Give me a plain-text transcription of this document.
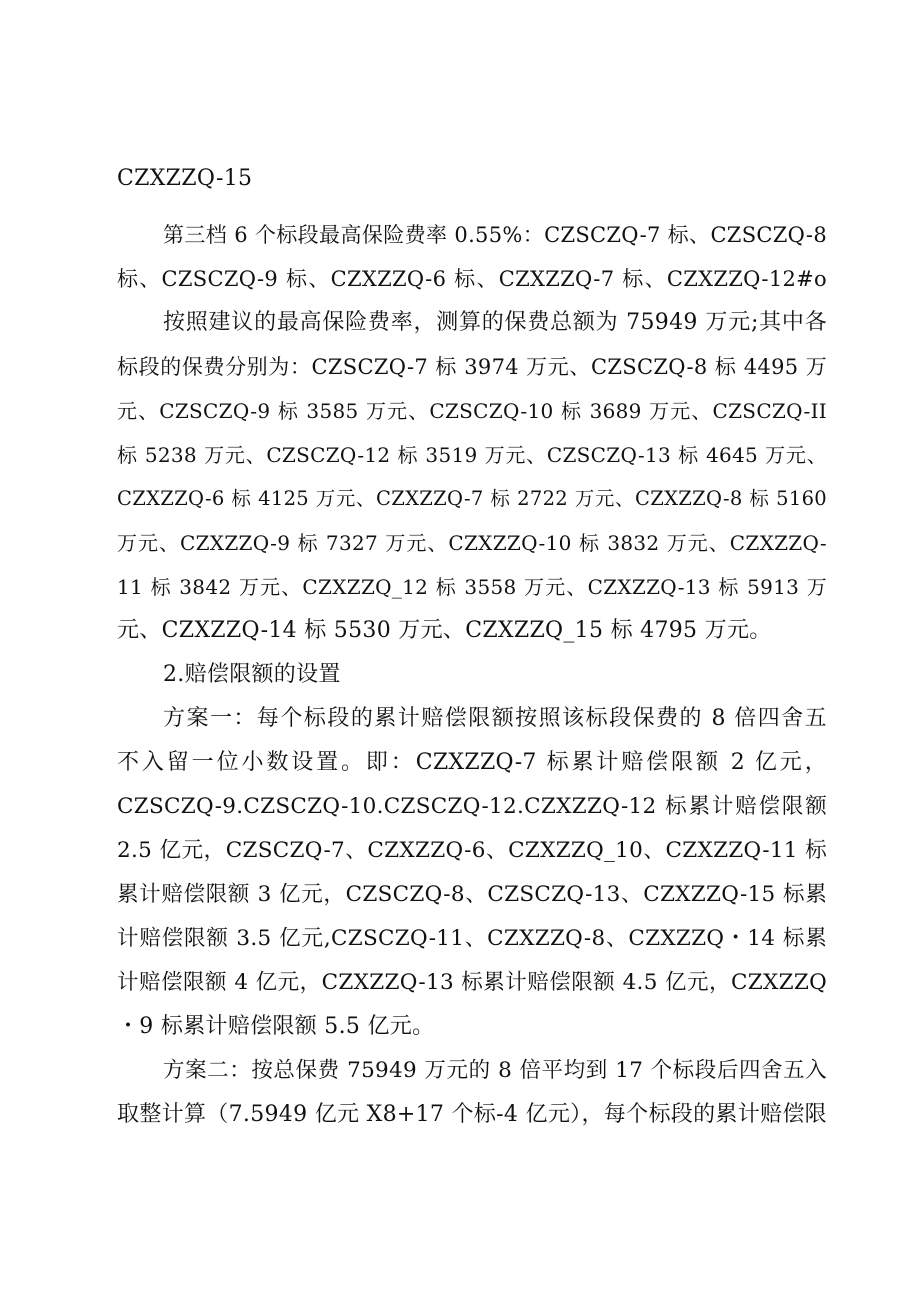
CZXZZQ-15
第三档 6 个标段最高保险费率 0.55%：CZSCZQ-7 标、CZSCZQ-8
标、CZSCZQ-9 标、CZXZZQ-6 标、CZXZZQ-7 标、CZXZZQ-12#o
按照建议的最高保险费率，测算的保费总额为 75949 万元;其中各
标段的保费分别为：CZSCZQ-7 标 3974 万元、CZSCZQ-8 标 4495 万
元、CZSCZQ-9 标 3585 万元、CZSCZQ-10 标 3689 万元、CZSCZQ-II
标 5238 万元、CZSCZQ-12 标 3519 万元、CZSCZQ-13 标 4645 万元、
CZXZZQ-6 标 4125 万元、CZXZZQ-7 标 2722 万元、CZXZZQ-8 标 5160
万元、CZXZZQ-9 标 7327 万元、CZXZZQ-10 标 3832 万元、CZXZZQ-
11 标 3842 万元、CZXZZQ_12 标 3558 万元、CZXZZQ-13 标 5913 万
元、CZXZZQ-14 标 5530 万元、CZXZZQ_15 标 4795 万元。
2.赔偿限额的设置
方案一：每个标段的累计赔偿限额按照该标段保费的 8 倍四舍五
不入留一位小数设置。即：CZXZZQ-7 标累计赔偿限额 2 亿元，
CZSCZQ-9.CZSCZQ-10.CZSCZQ-12.CZXZZQ-12 标累计赔偿限额
2.5 亿元，CZSCZQ-7、CZXZZQ-6、CZXZZQ_10、CZXZZQ-11 标
累计赔偿限额 3 亿元，CZSCZQ-8、CZSCZQ-13、CZXZZQ-15 标累
计赔偿限额 3.5 亿元,CZSCZQ-11、CZXZZQ-8、CZXZZQ・14 标累
计赔偿限额 4 亿元，CZXZZQ-13 标累计赔偿限额 4.5 亿元，CZXZZQ
・9 标累计赔偿限额 5.5 亿元。
方案二：按总保费 75949 万元的 8 倍平均到 17 个标段后四舍五入
取整计算（7.5949 亿元 X8+17 个标-4 亿元），每个标段的累计赔偿限
